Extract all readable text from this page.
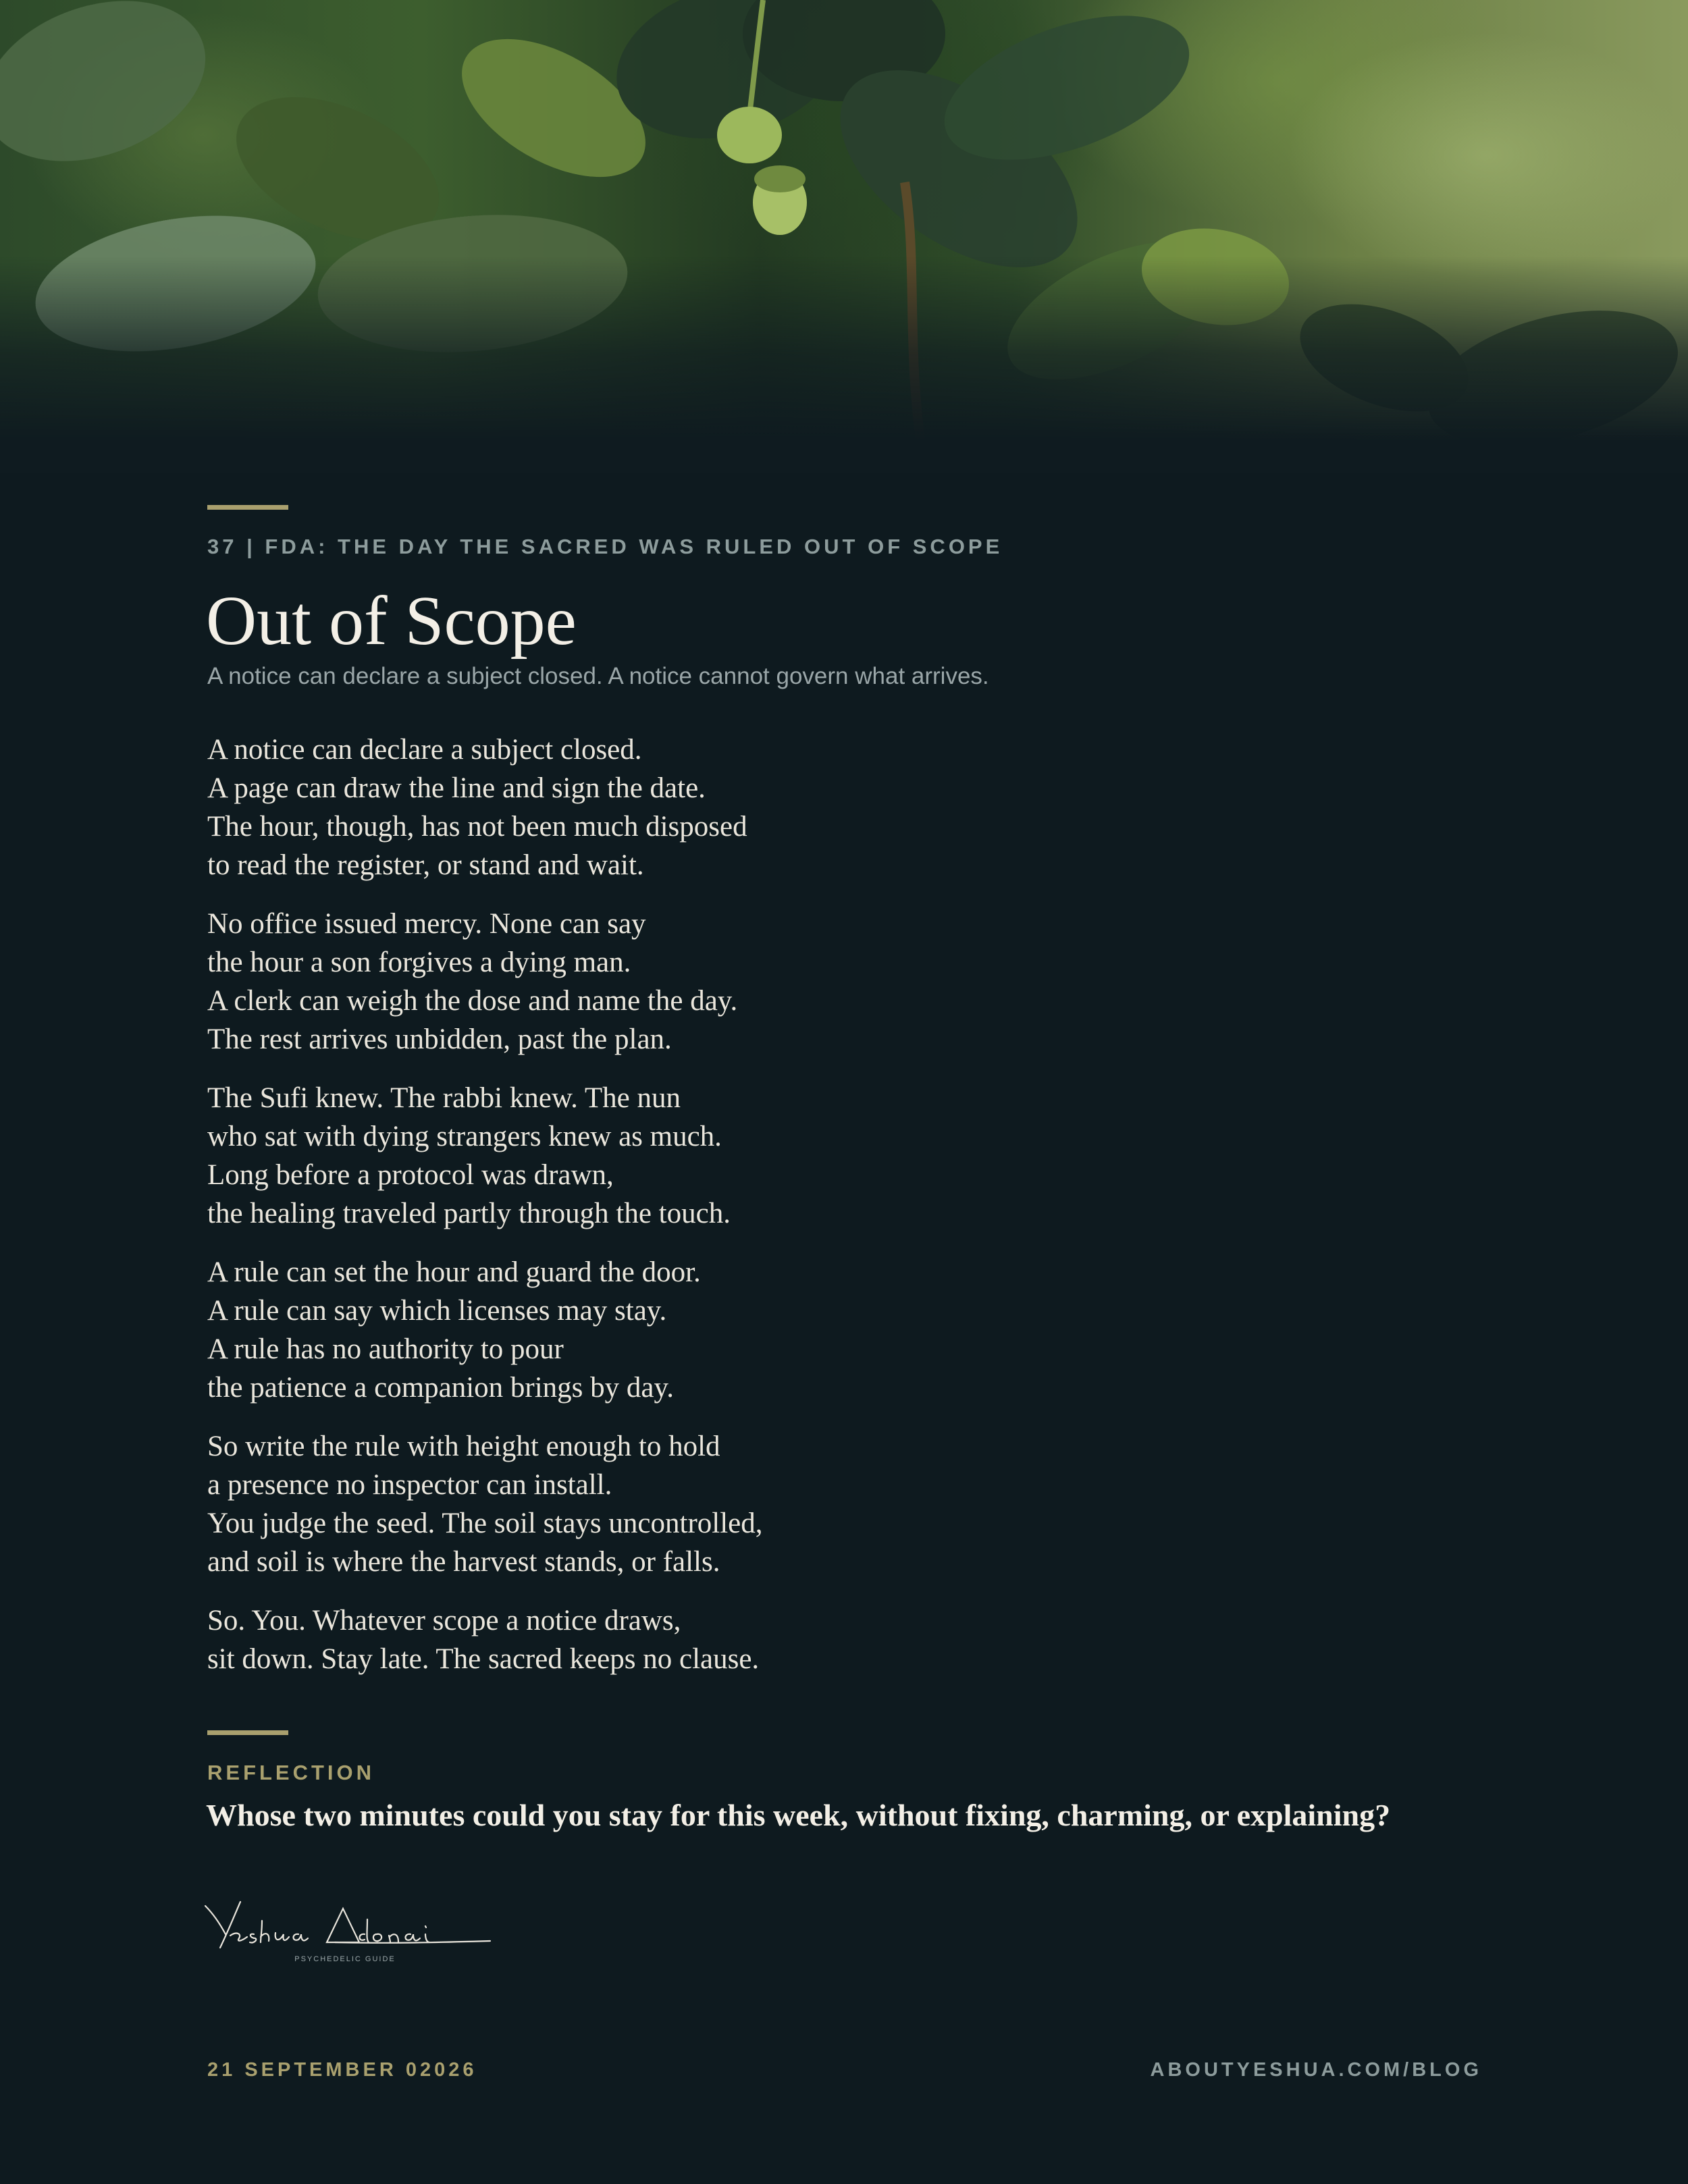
37 | FDA: THE DAY THE SACRED WAS RULED OUT OF SCOPE
Out of Scope
A notice can declare a subject closed. A notice cannot govern what arrives.
A notice can declare a subject closed.
A page can draw the line and sign the date.
The hour, though, has not been much disposed
to read the register, or stand and wait.
No office issued mercy. None can say
the hour a son forgives a dying man.
A clerk can weigh the dose and name the day.
The rest arrives unbidden, past the plan.
The Sufi knew. The rabbi knew. The nun
who sat with dying strangers knew as much.
Long before a protocol was drawn,
the healing traveled partly through the touch.
A rule can set the hour and guard the door.
A rule can say which licenses may stay.
A rule has no authority to pour
the patience a companion brings by day.
So write the rule with height enough to hold
a presence no inspector can install.
You judge the seed. The soil stays uncontrolled,
and soil is where the harvest stands, or falls.
So. You. Whatever scope a notice draws,
sit down. Stay late. The sacred keeps no clause.
REFLECTION
Whose two minutes could you stay for this week, without fixing, charming, or explaining?
PSYCHEDELIC GUIDE
21 SEPTEMBER 02026	ABOUTYESHUA.COM/BLOG
